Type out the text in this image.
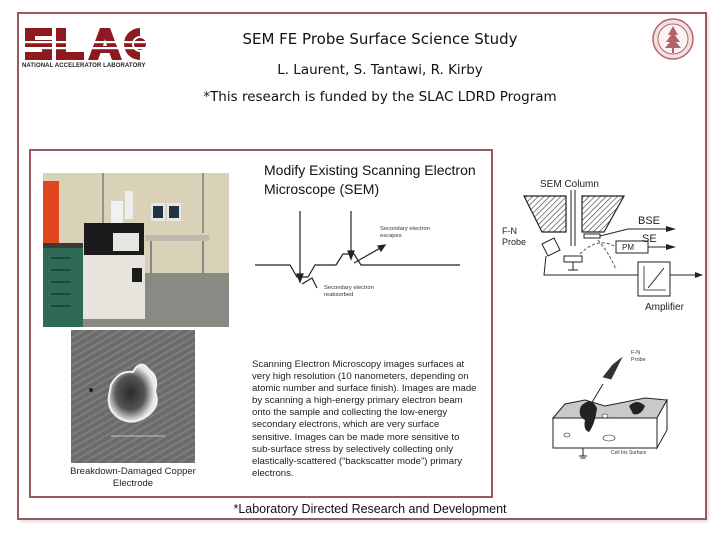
NATIONAL ACCELERATOR LABORATORY
SEM FE Probe Surface Science Study
L. Laurent, S. Tantawi, R. Kirby
*This research is funded by the SLAC LDRD Program
Breakdown-Damaged Copper Electrode
Modify Existing Scanning Electron Microscope (SEM)
Secondary electron
escapes
Secondary electron
reabsorbed
Scanning Electron Microscopy images surfaces at very high resolution (10 nanometers, depending on atomic number and surface finish). Images are made by scanning a high-energy primary electron beam onto the sample and collecting the low-energy secondary electrons, which are very surface sensitive. Images can be made more sensitive to sub-surface stress by selectively collecting only elastically-scattered (“backscatter mode”) primary electrons.
SEM Column
BSE
PM
SE
F-N
Probe
Amplifier
F-N
Probe
Cell Iris Surface
*Laboratory Directed Research and Development
